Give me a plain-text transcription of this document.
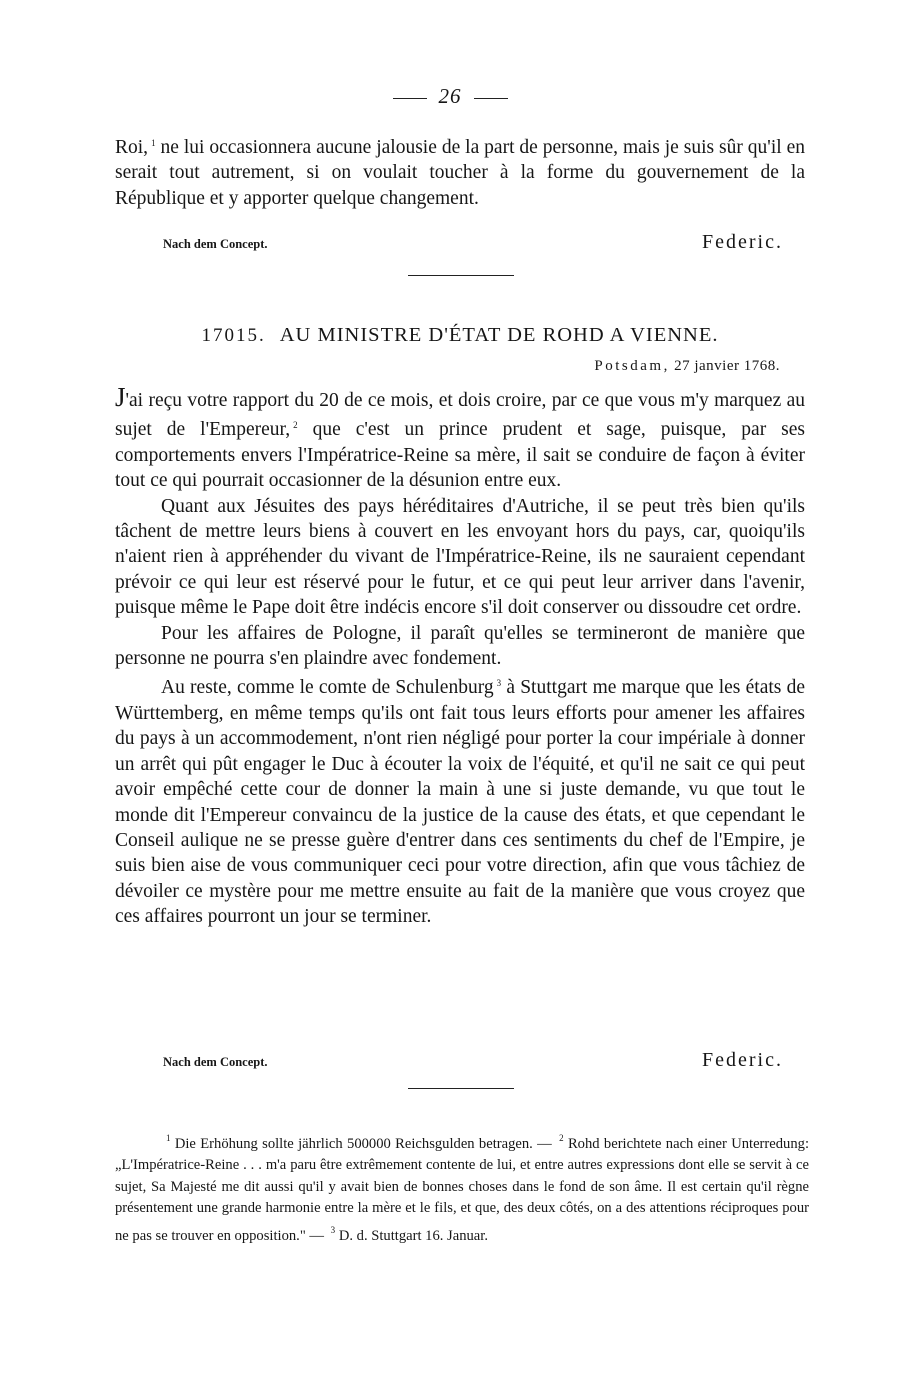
26

Roi, $^1$ ne lui occasionnera aucune jalousie de la part de personne, mais je suis sûr qu'il en serait tout autrement, si on voulait toucher à la forme du gouvernement de la République et y apporter quelque changement.

Nach dem Concept.	Federic.
17015. AU MINISTRE D'ÉTAT DE ROHD A VIENNE.
Potsdam, 27 janvier 1768.

J'ai reçu votre rapport du 20 de ce mois, et dois croire, par ce que vous m'y marquez au sujet de l'Empereur, $^2$ que c'est un prince prudent et sage, puisque, par ses comportements envers l'Impératrice-Reine sa mère, il sait se conduire de façon à éviter tout ce qui pourrait occasionner de la désunion entre eux.

Quant aux Jésuites des pays héréditaires d'Autriche, il se peut très bien qu'ils tâchent de mettre leurs biens à couvert en les envoyant hors du pays, car, quoiqu'ils n'aient rien à appréhender du vivant de l'Impératrice-Reine, ils ne sauraient cependant prévoir ce qui leur est réservé pour le futur, et ce qui peut leur arriver dans l'avenir, puisque même le Pape doit être indécis encore s'il doit conserver ou dissoudre cet ordre.

Pour les affaires de Pologne, il paraît qu'elles se termineront de manière que personne ne pourra s'en plaindre avec fondement.

Au reste, comme le comte de Schulenburg $^3$ à Stuttgart me marque que les états de Württemberg, en même temps qu'ils ont fait tous leurs efforts pour amener les affaires du pays à un accommodement, n'ont rien négligé pour porter la cour impériale à donner un arrêt qui pût engager le Duc à écouter la voix de l'équité, et qu'il ne sait ce qui peut avoir empêché cette cour de donner la main à une si juste demande, vu que tout le monde dit l'Empereur convaincu de la justice de la cause des états, et que cependant le Conseil aulique ne se presse guère d'entrer dans ces sentiments du chef de l'Empire, je suis bien aise de vous communiquer ceci pour votre direction, afin que vous tâchiez de dévoiler ce mystère pour me mettre ensuite au fait de la manière que vous croyez que ces affaires pourront un jour se terminer.

Nach dem Concept.	Federic.

$^1$ Die Erhöhung sollte jährlich 500000 Reichsgulden betragen. — $^2$ Rohd berichtete nach einer Unterredung: „L'Impératrice-Reine . . . m'a paru être extrêmement contente de lui, et entre autres expressions dont elle se servit à ce sujet, Sa Majesté me dit aussi qu'il y avait bien de bonnes choses dans le fond de son âme. Il est certain qu'il règne présentement une grande harmonie entre la mère et le fils, et que, des deux côtés, on a des attentions réciproques pour ne pas se trouver en opposition." — $^3$ D. d. Stuttgart 16. Januar.
